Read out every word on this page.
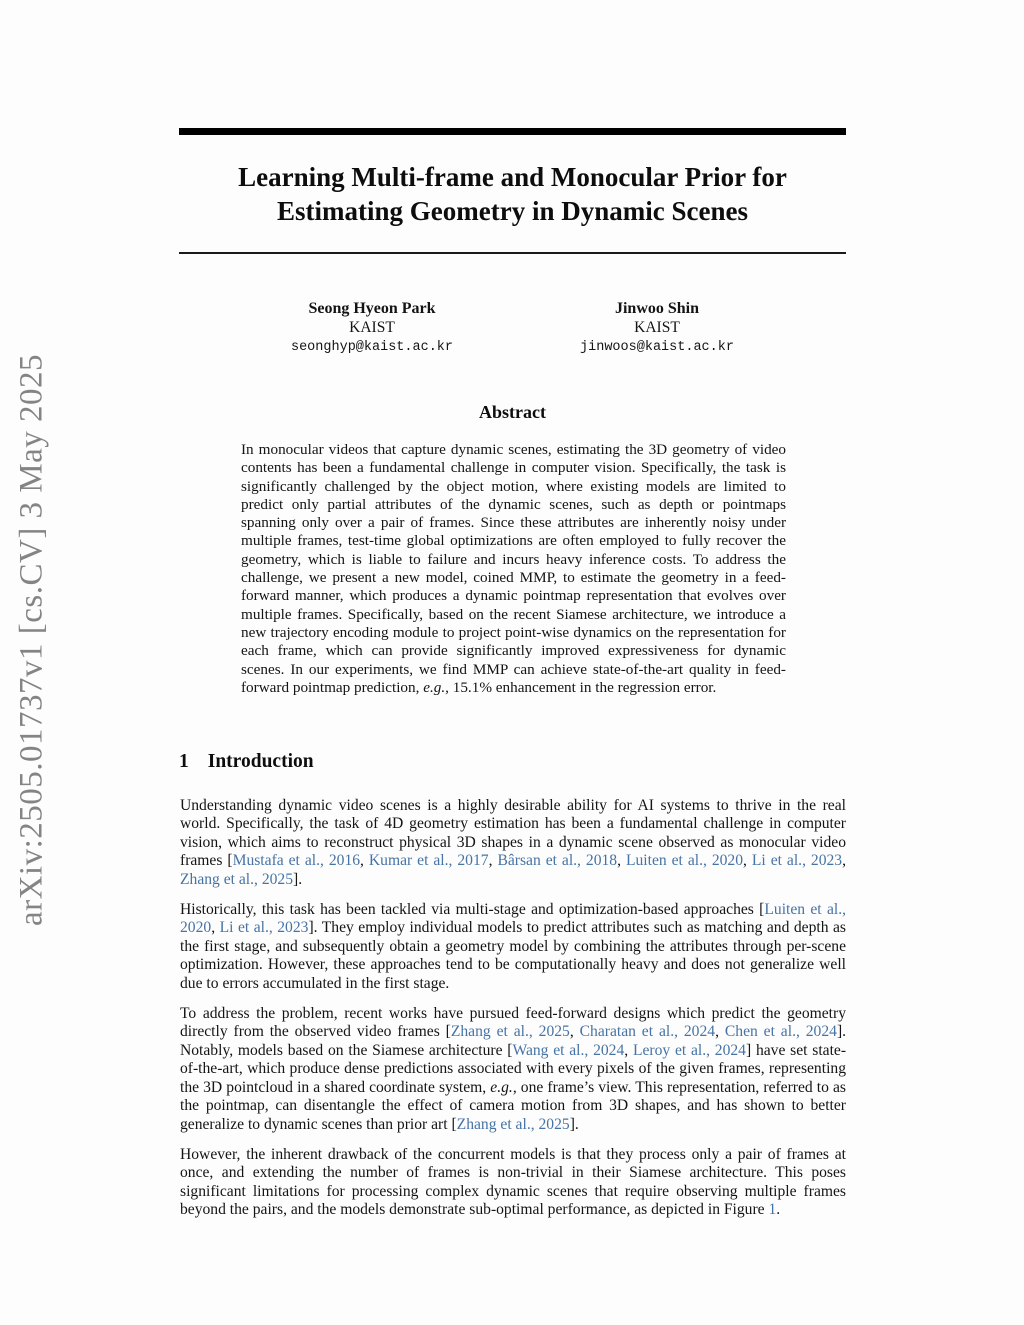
arXiv:2505.01737v1 [cs.CV] 3 May 2025
Learning Multi-frame and Monocular Prior for
Estimating Geometry in Dynamic Scenes
Seong Hyeon Park
KAIST
seonghyp@kaist.ac.kr
Jinwoo Shin
KAIST
jinwoos@kaist.ac.kr
Abstract
In monocular videos that capture dynamic scenes, estimating the 3D geometry of video contents has been a fundamental challenge in computer vision. Specifically, the task is significantly challenged by the object motion, where existing models are limited to predict only partial attributes of the dynamic scenes, such as depth or pointmaps spanning only over a pair of frames. Since these attributes are inherently noisy under multiple frames, test-time global optimizations are often employed to fully recover the geometry, which is liable to failure and incurs heavy inference costs. To address the challenge, we present a new model, coined MMP, to estimate the geometry in a feed-forward manner, which produces a dynamic pointmap representation that evolves over multiple frames. Specifically, based on the recent Siamese architecture, we introduce a new trajectory encoding module to project point-wise dynamics on the representation for each frame, which can provide significantly improved expressiveness for dynamic scenes. In our experiments, we find MMP can achieve state-of-the-art quality in feed-forward pointmap prediction, e.g., 15.1% enhancement in the regression error.
1 Introduction

Understanding dynamic video scenes is a highly desirable ability for AI systems to thrive in the real world. Specifically, the task of 4D geometry estimation has been a fundamental challenge in computer vision, which aims to reconstruct physical 3D shapes in a dynamic scene observed as monocular video frames [Mustafa et al., 2016, Kumar et al., 2017, Bârsan et al., 2018, Luiten et al., 2020, Li et al., 2023, Zhang et al., 2025].

Historically, this task has been tackled via multi-stage and optimization-based approaches [Luiten et al., 2020, Li et al., 2023]. They employ individual models to predict attributes such as matching and depth as the first stage, and subsequently obtain a geometry model by combining the attributes through per-scene optimization. However, these approaches tend to be computationally heavy and does not generalize well due to errors accumulated in the first stage.

To address the problem, recent works have pursued feed-forward designs which predict the geometry directly from the observed video frames [Zhang et al., 2025, Charatan et al., 2024, Chen et al., 2024]. Notably, models based on the Siamese architecture [Wang et al., 2024, Leroy et al., 2024] have set state-of-the-art, which produce dense predictions associated with every pixels of the given frames, representing the 3D pointcloud in a shared coordinate system, e.g., one frame’s view. This representation, referred to as the pointmap, can disentangle the effect of camera motion from 3D shapes, and has shown to better generalize to dynamic scenes than prior art [Zhang et al., 2025].

However, the inherent drawback of the concurrent models is that they process only a pair of frames at once, and extending the number of frames is non-trivial in their Siamese architecture. This poses significant limitations for processing complex dynamic scenes that require observing multiple frames beyond the pairs, and the models demonstrate sub-optimal performance, as depicted in Figure 1.
